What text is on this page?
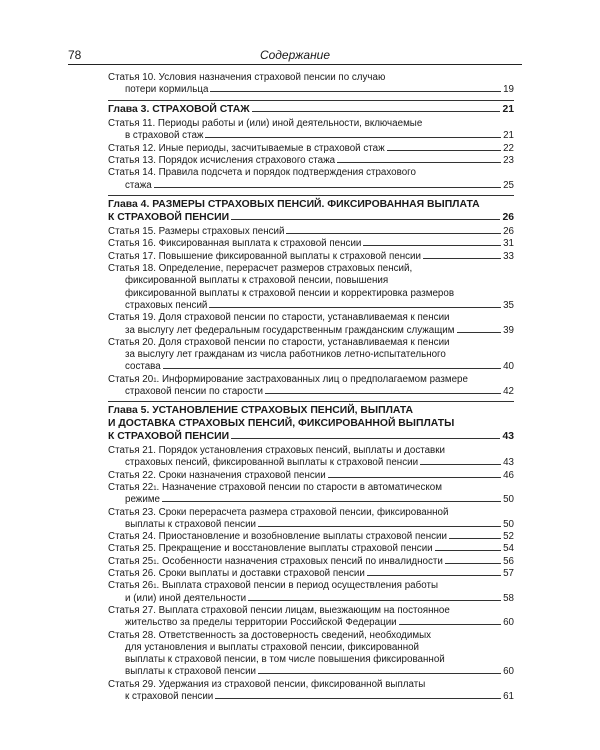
78	Содержание
Статья 10. Условия назначения страховой пенсии по случаю
потери кормильца	19
Глава 3. СТРАХОВОЙ СТАЖ	21
Статья 11. Периоды работы и (или) иной деятельности, включаемые
в страховой стаж	21
Статья 12. Иные периоды, засчитываемые в страховой стаж	22
Статья 13. Порядок исчисления страхового стажа	23
Статья 14. Правила подсчета и порядок подтверждения страхового
стажа	25
Глава 4. РАЗМЕРЫ СТРАХОВЫХ ПЕНСИЙ. ФИКСИРОВАННАЯ ВЫПЛАТА
К СТРАХОВОЙ ПЕНСИИ	26
Статья 15. Размеры страховых пенсий	26
Статья 16. Фиксированная выплата к страховой пенсии	31
Статья 17. Повышение фиксированной выплаты к страховой пенсии	33
Статья 18. Определение, перерасчет размеров страховых пенсий,
фиксированной выплаты к страховой пенсии, повышения
фиксированной выплаты к страховой пенсии и корректировка размеров
страховых пенсий	35
Статья 19. Доля страховой пенсии по старости, устанавливаемая к пенсии
за выслугу лет федеральным государственным гражданским служащим	39
Статья 20. Доля страховой пенсии по старости, устанавливаемая к пенсии
за выслугу лет гражданам из числа работников летно-испытательного
состава	40
Статья 20 1 . Информирование застрахованных лиц о предполагаемом размере
страховой пенсии по старости	42
Глава 5. УСТАНОВЛЕНИЕ СТРАХОВЫХ ПЕНСИЙ, ВЫПЛАТА
И ДОСТАВКА СТРАХОВЫХ ПЕНСИЙ, ФИКСИРОВАННОЙ ВЫПЛАТЫ
К СТРАХОВОЙ ПЕНСИИ	43
Статья 21. Порядок установления страховых пенсий, выплаты и доставки
страховых пенсий, фиксированной выплаты к страховой пенсии	43
Статья 22. Сроки назначения страховой пенсии	46
Статья 22 1 . Назначение страховой пенсии по старости в автоматическом
режиме	50
Статья 23. Сроки перерасчета размера страховой пенсии, фиксированной
выплаты к страховой пенсии	50
Статья 24. Приостановление и возобновление выплаты страховой пенсии	52
Статья 25. Прекращение и восстановление выплаты страховой пенсии	54
Статья 25 1 . Особенности назначения страховых пенсий по инвалидности	56
Статья 26. Сроки выплаты и доставки страховой пенсии	57
Статья 26 1 . Выплата страховой пенсии в период осуществления работы
и (или) иной деятельности	58
Статья 27. Выплата страховой пенсии лицам, выезжающим на постоянное
жительство за пределы территории Российской Федерации	60
Статья 28. Ответственность за достоверность сведений, необходимых
для установления и выплаты страховой пенсии, фиксированной
выплаты к страховой пенсии, в том числе повышения фиксированной
выплаты к страховой пенсии	60
Статья 29. Удержания из страховой пенсии, фиксированной выплаты
к страховой пенсии	61
